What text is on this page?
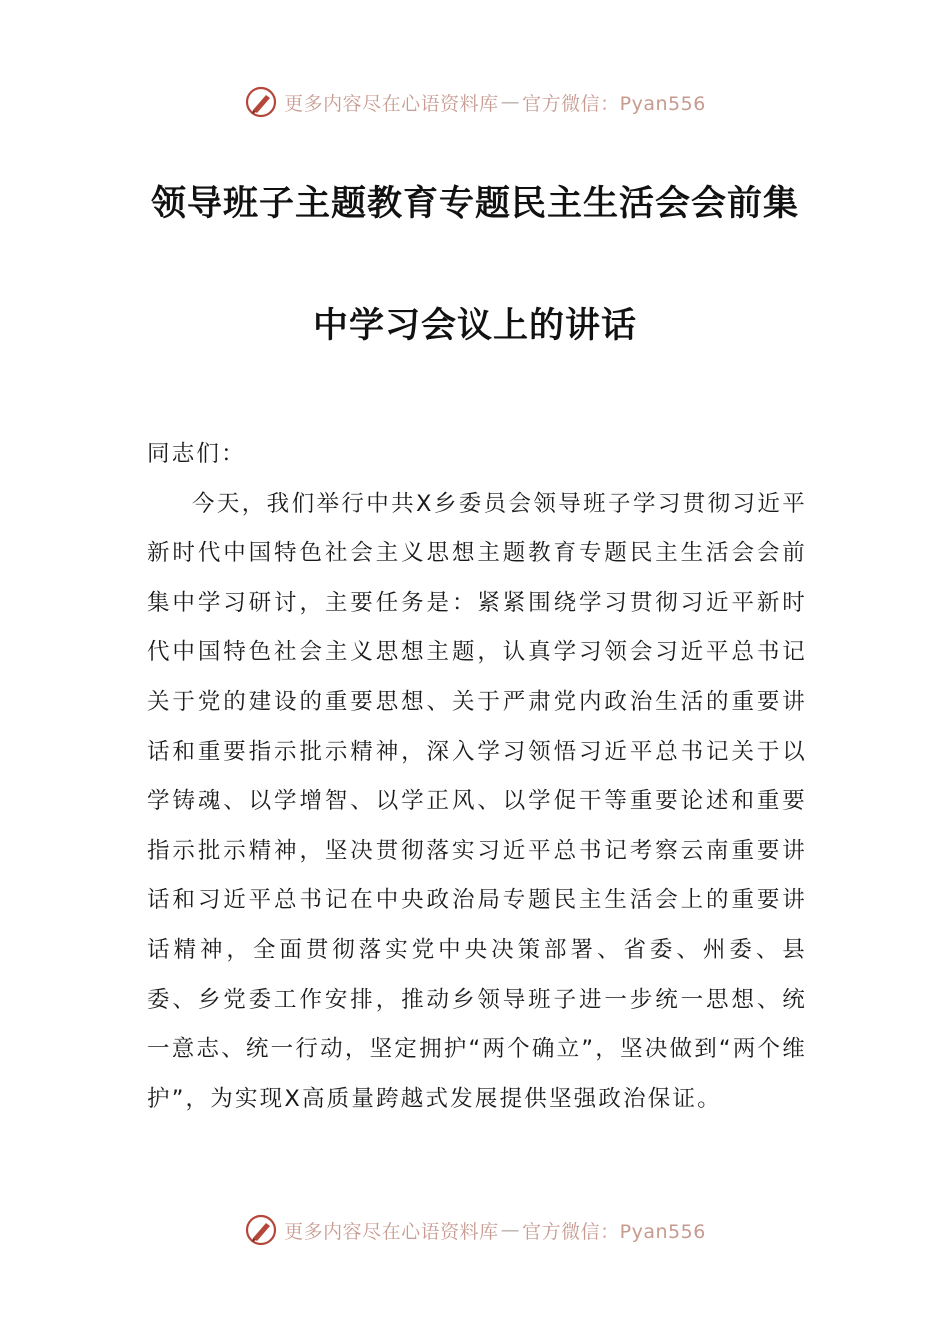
更多内容尽在心语资料库 — 官方微信：Pyan556
领导班子主题教育专题民主生活会会前集
中学习会议上的讲话

同志们：

今天，我们举行中共X乡委员会领导班子学习贯彻习近平新时代中国特色社会主义思想主题教育专题民主生活会会前集中学习研讨，主要任务是：紧紧围绕学习贯彻习近平新时代中国特色社会主义思想主题，认真学习领会习近平总书记关于党的建设的重要思想、关于严肃党内政治生活的重要讲话和重要指示批示精神，深入学习领悟习近平总书记关于以学铸魂、以学增智、以学正风、以学促干等重要论述和重要指示批示精神，坚决贯彻落实习近平总书记考察云南重要讲话和习近平总书记在中央政治局专题民主生活会上的重要讲话精神，全面贯彻落实党中央决策部署、省委、州委、县委、乡党委工作安排，推动乡领导班子进一步统一思想、统一意志、统一行动，坚定拥护“两个确立”，坚决做到“两个维护”，为实现X高质量跨越式发展提供坚强政治保证。

更多内容尽在心语资料库 — 官方微信：Pyan556
